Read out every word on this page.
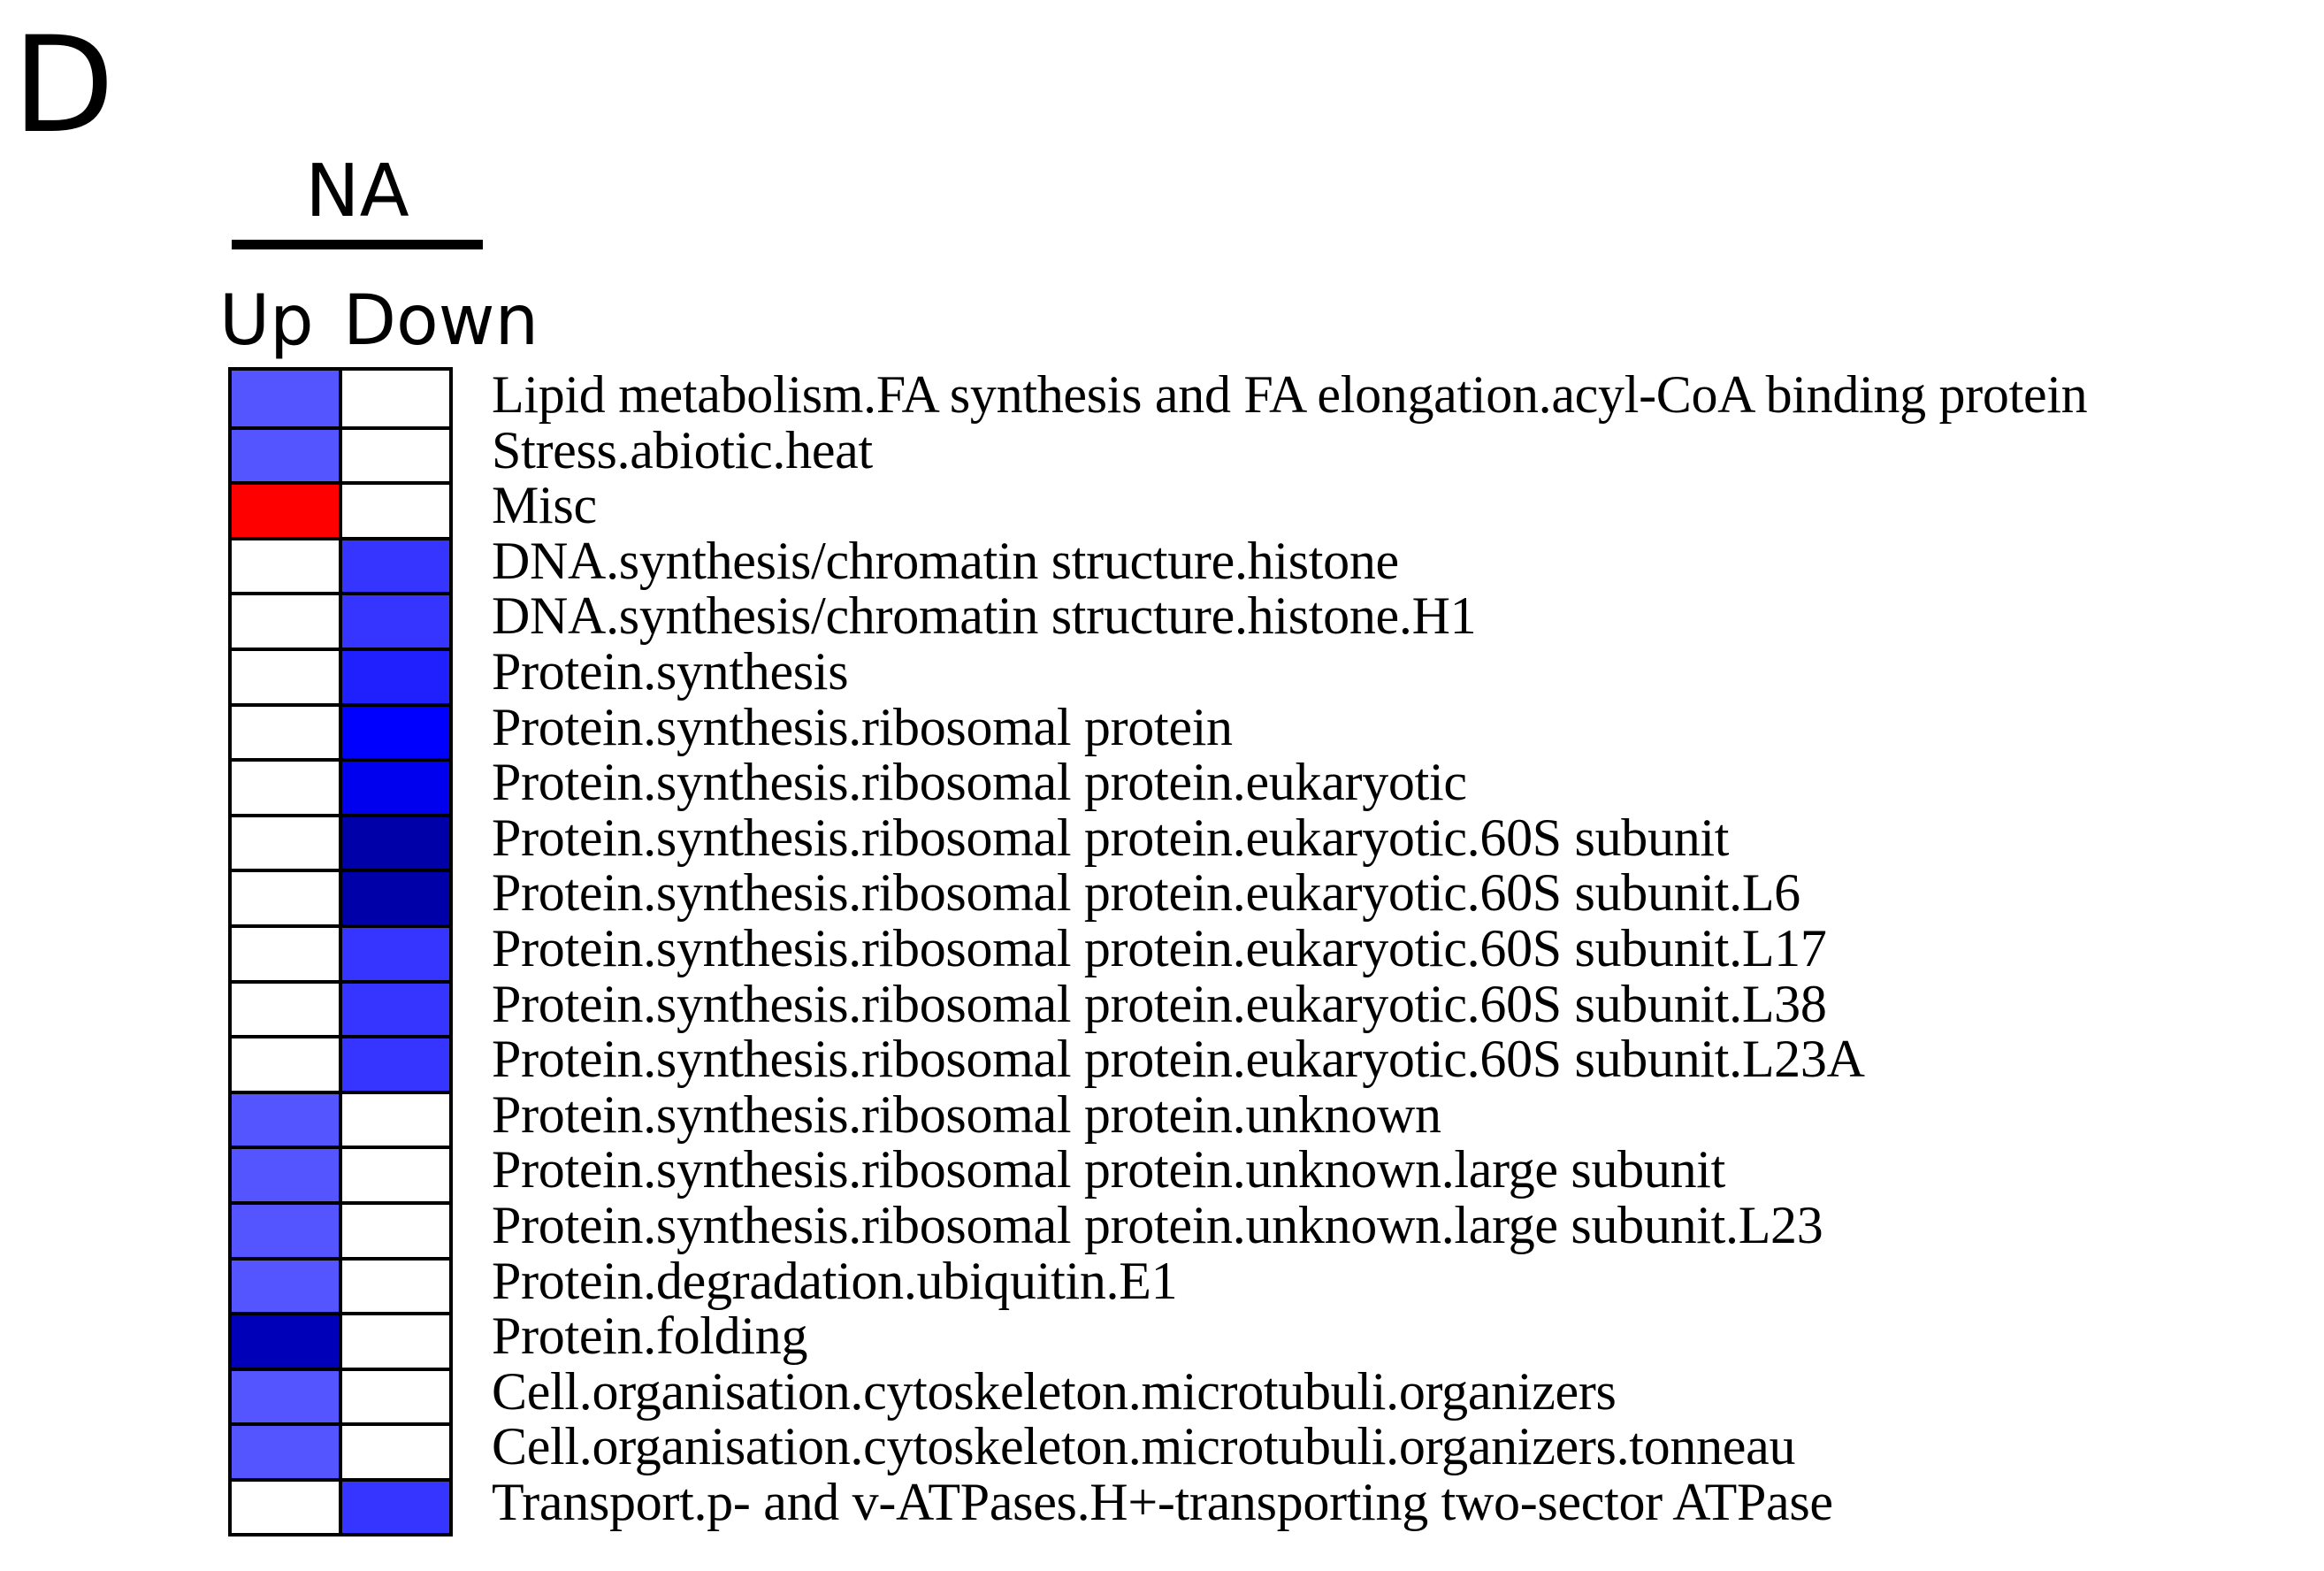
D
NA
Up Down
Lipid metabolism.FA synthesis and FA elongation.acyl-CoA binding protein
Stress.abiotic.heat
Misc
DNA.synthesis/chromatin structure.histone
DNA.synthesis/chromatin structure.histone.H1
Protein.synthesis
Protein.synthesis.ribosomal protein
Protein.synthesis.ribosomal protein.eukaryotic
Protein.synthesis.ribosomal protein.eukaryotic.60S subunit
Protein.synthesis.ribosomal protein.eukaryotic.60S subunit.L6
Protein.synthesis.ribosomal protein.eukaryotic.60S subunit.L17
Protein.synthesis.ribosomal protein.eukaryotic.60S subunit.L38
Protein.synthesis.ribosomal protein.eukaryotic.60S subunit.L23A
Protein.synthesis.ribosomal protein.unknown
Protein.synthesis.ribosomal protein.unknown.large subunit
Protein.synthesis.ribosomal protein.unknown.large subunit.L23
Protein.degradation.ubiquitin.E1
Protein.folding
Cell.organisation.cytoskeleton.microtubuli.organizers
Cell.organisation.cytoskeleton.microtubuli.organizers.tonneau
Transport.p- and v-ATPases.H+-transporting two-sector ATPase
